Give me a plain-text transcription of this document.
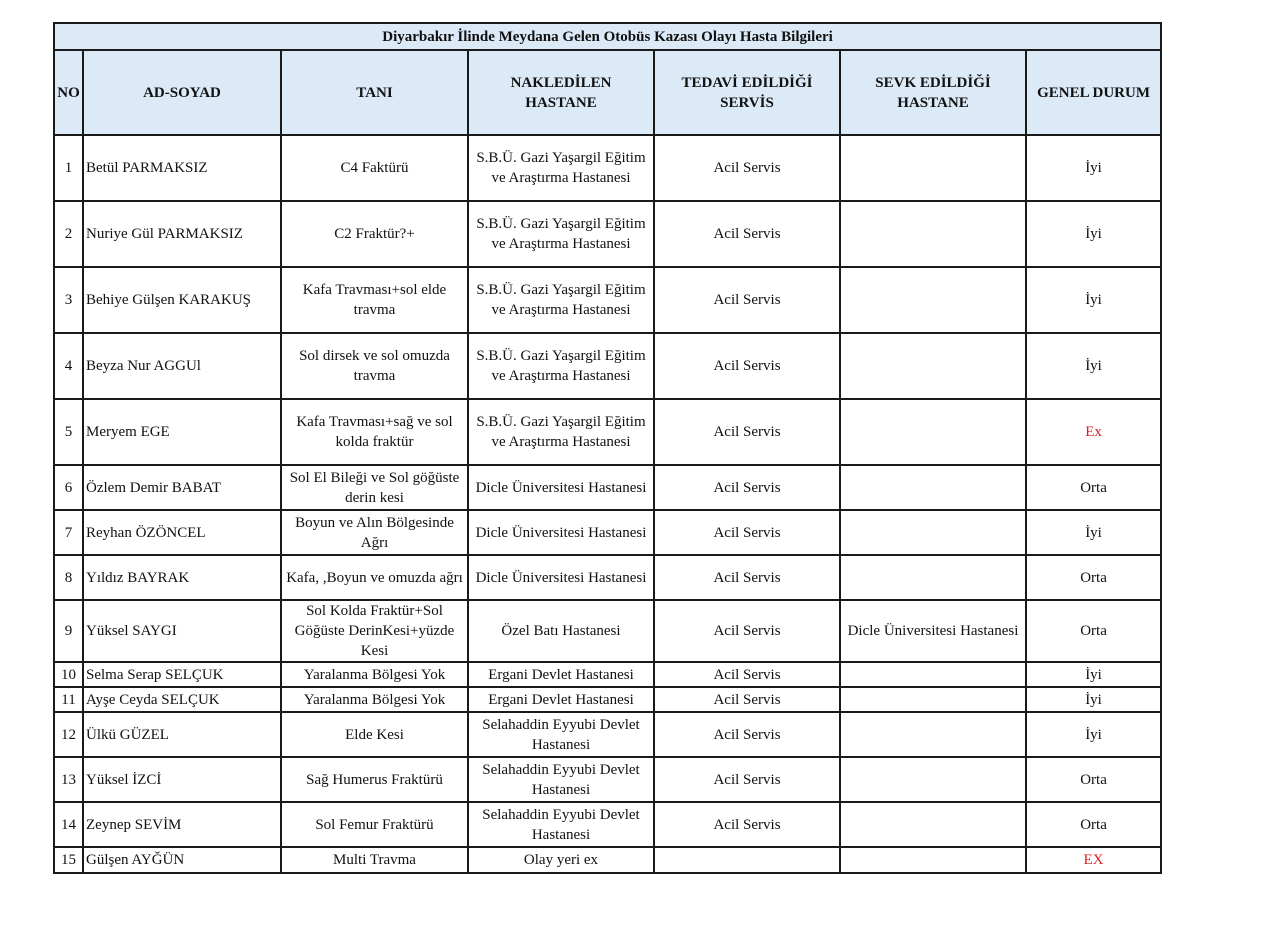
Diyarbakır İlinde Meydana Gelen Otobüs Kazası Olayı Hasta Bilgileri						
NO	AD-SOYAD	TANI	NAKLEDİLEN HASTANE	TEDAVİ EDİLDİĞİ SERVİS	SEVK EDİLDİĞİ HASTANE	GENEL DURUM
1	Betül PARMAKSIZ	C4 Faktürü	S.B.Ü. Gazi Yaşargil Eğitim ve Araştırma Hastanesi	Acil Servis		İyi
2	Nuriye Gül PARMAKSIZ	C2 Fraktür?+	S.B.Ü. Gazi Yaşargil Eğitim ve Araştırma Hastanesi	Acil Servis		İyi
3	Behiye Gülşen KARAKUŞ	Kafa Travması+sol elde travma	S.B.Ü. Gazi Yaşargil Eğitim ve Araştırma Hastanesi	Acil Servis		İyi
4	Beyza Nur AGGUl	Sol dirsek ve sol omuzda travma	S.B.Ü. Gazi Yaşargil Eğitim ve Araştırma Hastanesi	Acil Servis		İyi
5	Meryem EGE	Kafa Travması+sağ ve sol kolda fraktür	S.B.Ü. Gazi Yaşargil Eğitim ve Araştırma Hastanesi	Acil Servis		Ex
6	Özlem Demir BABAT	Sol El Bileği ve Sol göğüste derin kesi	Dicle Üniversitesi Hastanesi	Acil Servis		Orta
7	Reyhan ÖZÖNCEL	Boyun ve Alın Bölgesinde Ağrı	Dicle Üniversitesi Hastanesi	Acil Servis		İyi
8	Yıldız BAYRAK	Kafa, ,Boyun ve omuzda ağrı	Dicle Üniversitesi Hastanesi	Acil Servis		Orta
9	Yüksel SAYGI	Sol Kolda Fraktür+Sol Göğüste DerinKesi+yüzde Kesi	Özel Batı Hastanesi	Acil Servis	Dicle Üniversitesi Hastanesi	Orta
10	Selma Serap SELÇUK	Yaralanma Bölgesi Yok	Ergani Devlet Hastanesi	Acil Servis		İyi
11	Ayşe Ceyda SELÇUK	Yaralanma Bölgesi Yok	Ergani Devlet Hastanesi	Acil Servis		İyi
12	Ülkü GÜZEL	Elde Kesi	Selahaddin Eyyubi Devlet Hastanesi	Acil Servis		İyi
13	Yüksel İZCİ	Sağ Humerus Fraktürü	Selahaddin Eyyubi Devlet Hastanesi	Acil Servis		Orta
14	Zeynep SEVİM	Sol Femur Fraktürü	Selahaddin Eyyubi Devlet Hastanesi	Acil Servis		Orta
15	Gülşen AYĞÜN	Multi Travma	Olay yeri ex			EX
